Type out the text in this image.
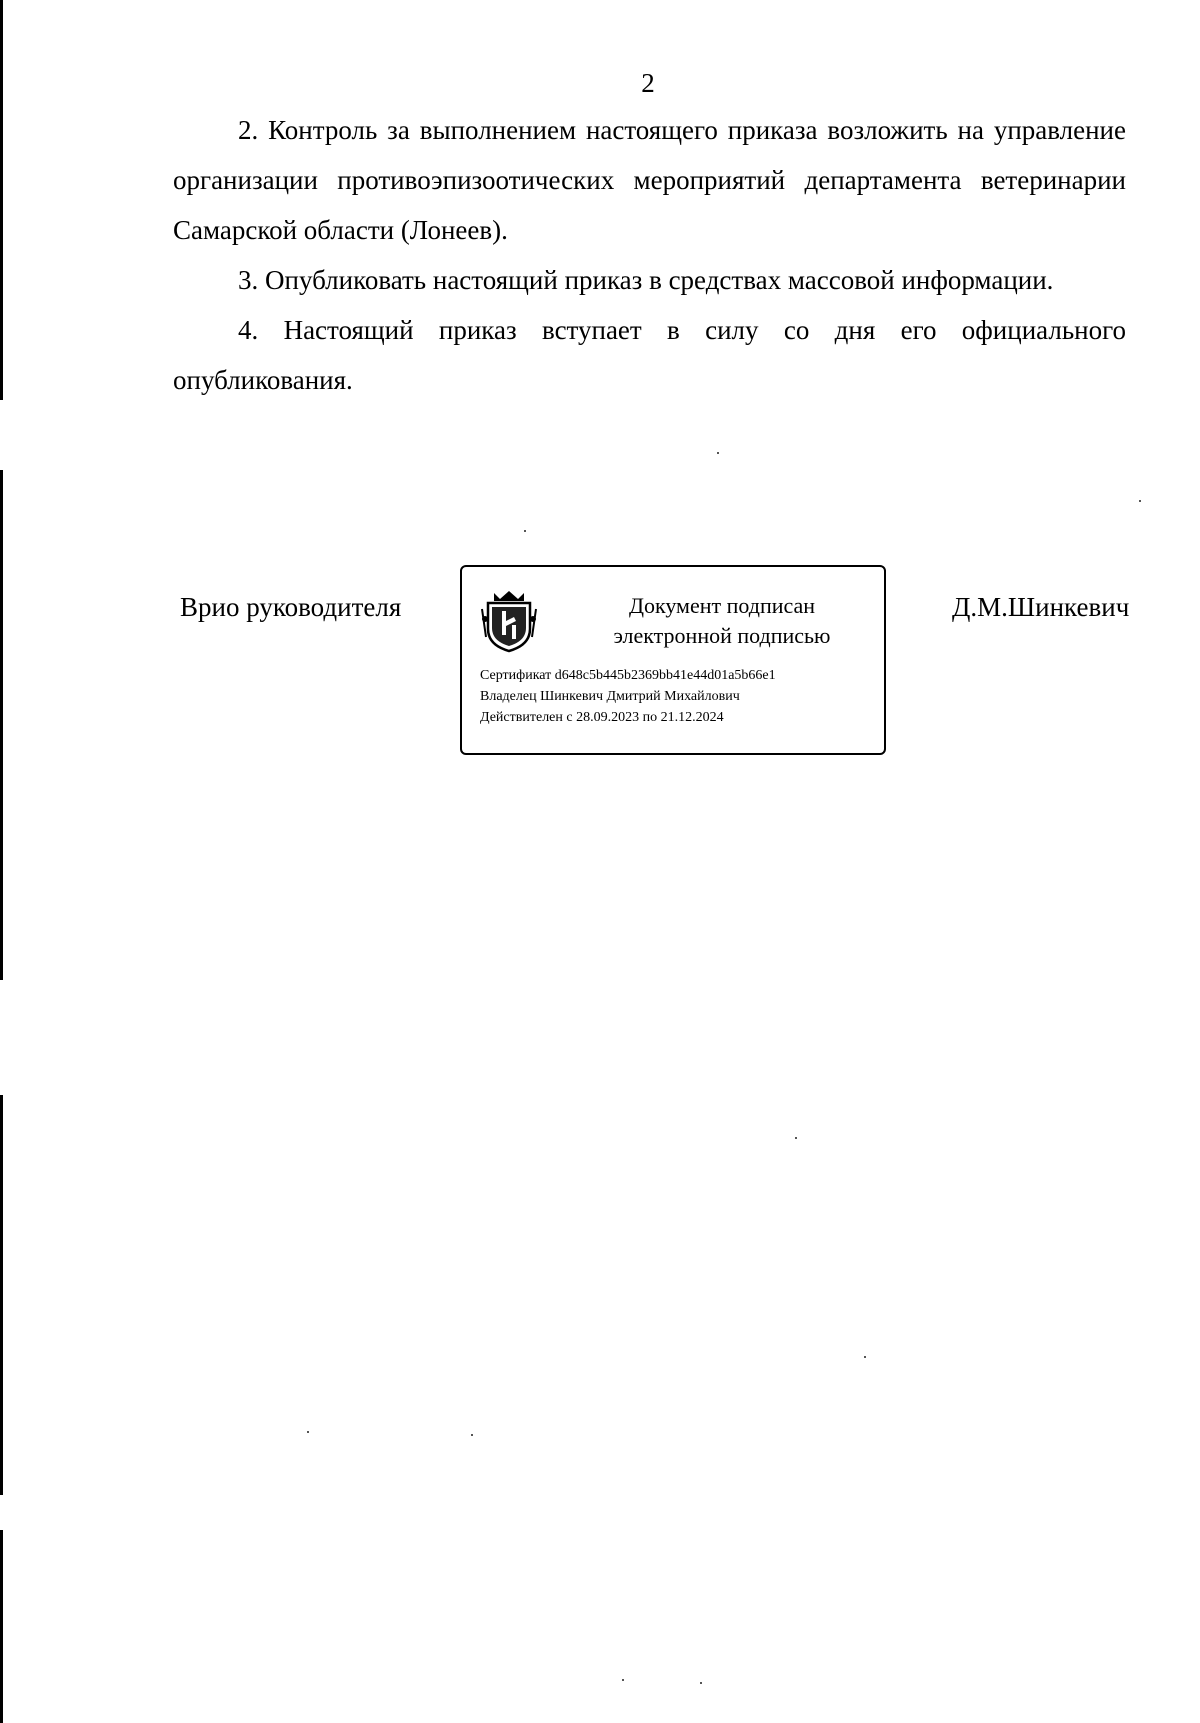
2

2. Контроль за выполнением настоящего приказа возложить на управление организации противоэпизоотических мероприятий департамента ветеринарии Самарской области (Лонеев).

3. Опубликовать настоящий приказ в средствах массовой информации.

4. Настоящий приказ вступает в силу со дня его официального опубликования.

Врио руководителя	Документ подписан
электронной подписью
Сертификат d648c5b445b2369bb41e44d01a5b66e1
Владелец Шинкевич Дмитрий Михайлович
Действителен с 28.09.2023 по 21.12.2024
Д.М.Шинкевич
